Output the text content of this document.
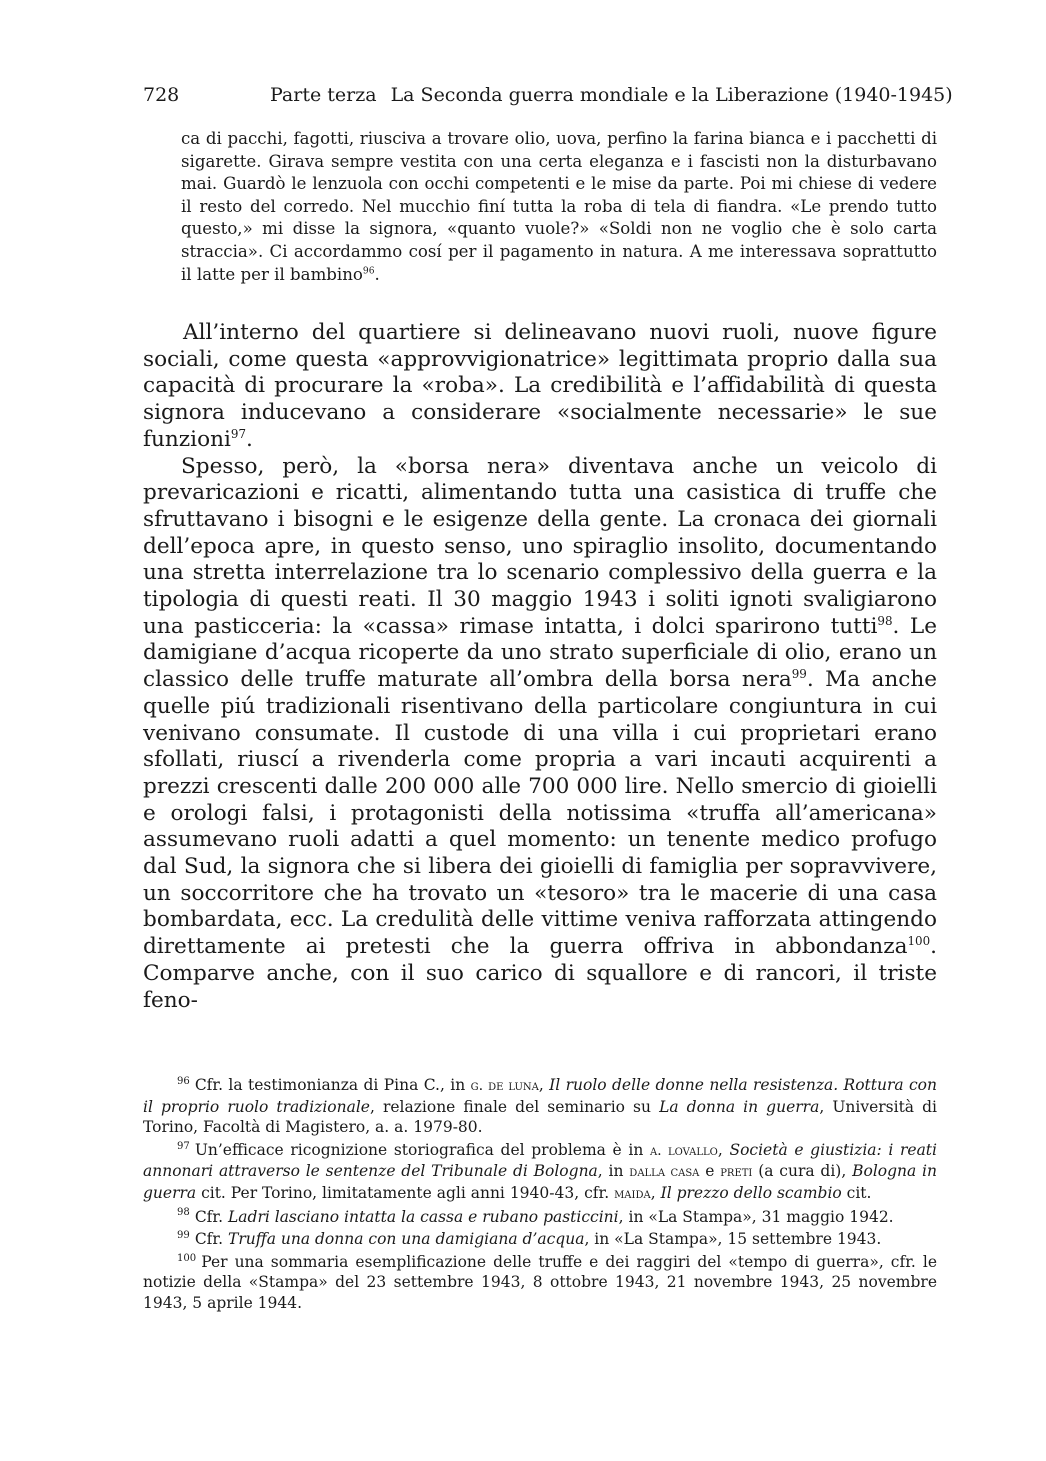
728	Parte terza La Seconda guerra mondiale e la Liberazione (1940-1945)

ca di pacchi, fagotti, riusciva a trovare olio, uova, perfino la farina bianca e i pacchetti di sigarette. Girava sempre vestita con una certa eleganza e i fascisti non la disturbavano mai. Guardò le lenzuola con occhi competenti e le mise da parte. Poi mi chiese di vedere il resto del corredo. Nel mucchio finí tutta la roba di tela di fiandra. «Le prendo tutto questo,» mi disse la signora, «quanto vuole?» «Soldi non ne voglio che è solo carta straccia». Ci accordammo cosí per il pagamento in natura. A me interessava soprattutto il latte per il bambino$^{96}$.

All’interno del quartiere si delineavano nuovi ruoli, nuove figure sociali, come questa «approvvigionatrice» legittimata proprio dalla sua capacità di procurare la «roba». La credibilità e l’affidabilità di questa signora inducevano a considerare «socialmente necessarie» le sue funzioni$^{97}$.

Spesso, però, la «borsa nera» diventava anche un veicolo di prevaricazioni e ricatti, alimentando tutta una casistica di truffe che sfruttavano i bisogni e le esigenze della gente. La cronaca dei giornali dell’epoca apre, in questo senso, uno spiraglio insolito, documentando una stretta interrelazione tra lo scenario complessivo della guerra e la tipologia di questi reati. Il 30 maggio 1943 i soliti ignoti svaligiarono una pasticceria: la «cassa» rimase intatta, i dolci sparirono tutti$^{98}$. Le damigiane d’acqua ricoperte da uno strato superficiale di olio, erano un classico delle truffe maturate all’ombra della borsa nera$^{99}$. Ma anche quelle piú tradizionali risentivano della particolare congiuntura in cui venivano consumate. Il custode di una villa i cui proprietari erano sfollati, riuscí a rivenderla come propria a vari incauti acquirenti a prezzi crescenti dalle 200 000 alle 700 000 lire. Nello smercio di gioielli e orologi falsi, i protagonisti della notissima «truffa all’americana» assumevano ruoli adatti a quel momento: un tenente medico profugo dal Sud, la signora che si libera dei gioielli di famiglia per sopravvivere, un soccorritore che ha trovato un «tesoro» tra le macerie di una casa bombardata, ecc. La credulità delle vittime veniva rafforzata attingendo direttamente ai pretesti che la guerra offriva in abbondanza$^{100}$. Comparve anche, con il suo carico di squallore e di rancori, il triste feno-

$^{96}$ Cfr. la testimonianza di Pina C., in g. de luna, Il ruolo delle donne nella resistenza. Rottura con il proprio ruolo tradizionale, relazione finale del seminario su La donna in guerra, Università di Torino, Facoltà di Magistero, a. a. 1979-80.

$^{97}$ Un’efficace ricognizione storiografica del problema è in a. lovallo, Società e giustizia: i reati annonari attraverso le sentenze del Tribunale di Bologna, in dalla casa e preti (a cura di), Bologna in guerra cit. Per Torino, limitatamente agli anni 1940-43, cfr. maida, Il prezzo dello scambio cit.

$^{98}$ Cfr. Ladri lasciano intatta la cassa e rubano pasticcini, in «La Stampa», 31 maggio 1942.

$^{99}$ Cfr. Truffa una donna con una damigiana d’acqua, in «La Stampa», 15 settembre 1943.

$^{100}$ Per una sommaria esemplificazione delle truffe e dei raggiri del «tempo di guerra», cfr. le notizie della «Stampa» del 23 settembre 1943, 8 ottobre 1943, 21 novembre 1943, 25 novembre 1943, 5 aprile 1944.
